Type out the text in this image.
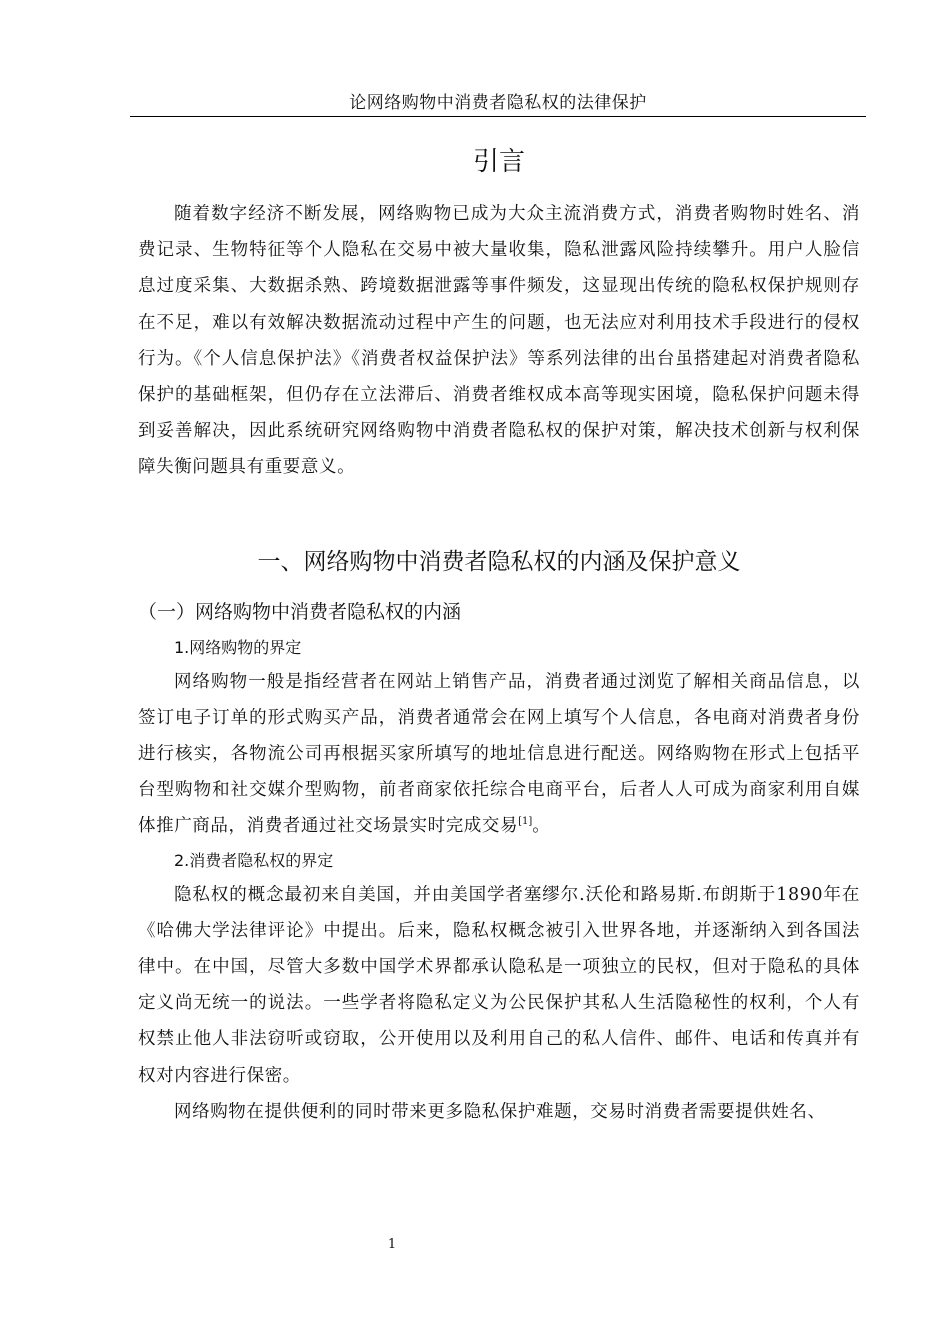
论网络购物中消费者隐私权的法律保护
引言

随着数字经济不断发展，网络购物已成为大众主流消费方式，消费者购物时姓名、消费记录、生物特征等个人隐私在交易中被大量收集，隐私泄露风险持续攀升。用户人脸信息过度采集、大数据杀熟、跨境数据泄露等事件频发，这显现出传统的隐私权保护规则存在不足，难以有效解决数据流动过程中产生的问题，也无法应对利用技术手段进行的侵权行为。《个人信息保护法》《消费者权益保护法》等系列法律的出台虽搭建起对消费者隐私保护的基础框架，但仍存在立法滞后、消费者维权成本高等现实困境，隐私保护问题未得到妥善解决，因此系统研究网络购物中消费者隐私权的保护对策，解决技术创新与权利保障失衡问题具有重要意义。

一、网络购物中消费者隐私权的内涵及保护意义
（一）网络购物中消费者隐私权的内涵
1.网络购物的界定

网络购物一般是指经营者在网站上销售产品，消费者通过浏览了解相关商品信息，以签订电子订单的形式购买产品，消费者通常会在网上填写个人信息，各电商对消费者身份进行核实，各物流公司再根据买家所填写的地址信息进行配送。网络购物在形式上包括平台型购物和社交媒介型购物，前者商家依托综合电商平台，后者人人可成为商家利用自媒体推广商品，消费者通过社交场景实时完成交易[1]。

2.消费者隐私权的界定

隐私权的概念最初来自美国，并由美国学者塞缪尔.沃伦和路易斯.布朗斯于1890年在《哈佛大学法律评论》中提出。后来，隐私权概念被引入世界各地，并逐渐纳入到各国法律中。在中国，尽管大多数中国学术界都承认隐私是一项独立的民权，但对于隐私的具体定义尚无统一的说法。一些学者将隐私定义为公民保护其私人生活隐秘性的权利，个人有权禁止他人非法窃听或窃取，公开使用以及利用自己的私人信件、邮件、电话和传真并有权对内容进行保密。

网络购物在提供便利的同时带来更多隐私保护难题，交易时消费者需要提供姓名、

1
